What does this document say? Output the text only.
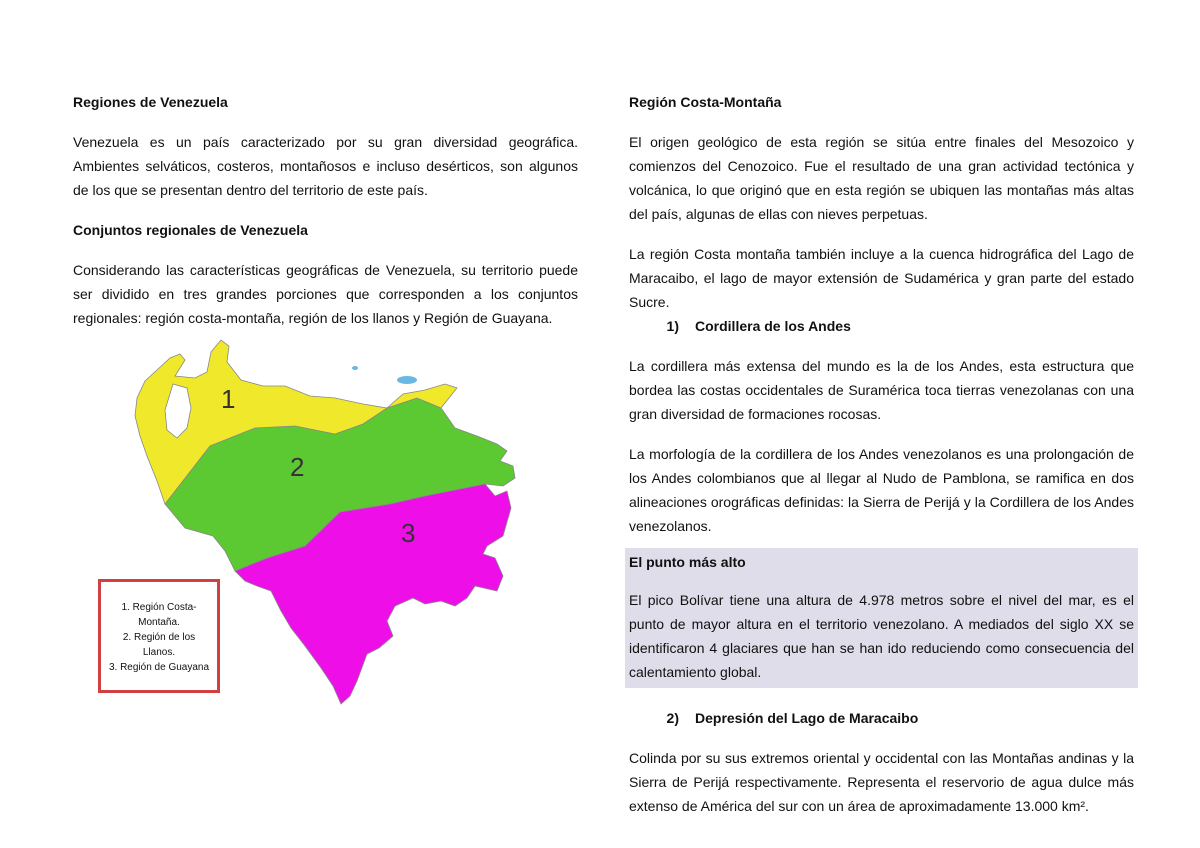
Regiones de Venezuela

Venezuela es un país caracterizado por su gran diversidad geográfica. Ambientes selváticos, costeros, montañosos e incluso desérticos, son algunos de los que se presentan dentro del territorio de este país.

Conjuntos regionales de Venezuela

Considerando las características geográficas de Venezuela, su territorio puede ser dividido en tres grandes porciones que corresponden a los conjuntos regionales: región costa-montaña, región de los llanos y Región de Guayana.

1
2
3
1. Región Costa-
Montaña.
2. Región de los
Llanos.
3. Región de Guayana
Región Costa-Montaña

El origen geológico de esta región se sitúa entre finales del Mesozoico y comienzos del Cenozoico. Fue el resultado de una gran actividad tectónica y volcánica, lo que originó que en esta región se ubiquen las montañas más altas del país, algunas de ellas con nieves perpetuas.

La región Costa montaña también incluye a la cuenca hidrográfica del Lago de Maracaibo, el lago de mayor extensión de Sudamérica y gran parte del estado Sucre.

1) Cordillera de los Andes

La cordillera más extensa del mundo es la de los Andes, esta estructura que bordea las costas occidentales de Suramérica toca tierras venezolanas con una gran diversidad de formaciones rocosas.

La morfología de la cordillera de los Andes venezolanos es una prolongación de los Andes colombianos que al llegar al Nudo de Pamblona, se ramifica en dos alineaciones orográficas definidas: la Sierra de Perijá y la Cordillera de los Andes venezolanos.

El punto más alto

El pico Bolívar tiene una altura de 4.978 metros sobre el nivel del mar, es el punto de mayor altura en el territorio venezolano. A mediados del siglo XX se identificaron 4 glaciares que han se han ido reduciendo como consecuencia del calentamiento global.

2) Depresión del Lago de Maracaibo

Colinda por su sus extremos oriental y occidental con las Montañas andinas y la Sierra de Perijá respectivamente. Representa el reservorio de agua dulce más extenso de América del sur con un área de aproximadamente 13.000 km².
